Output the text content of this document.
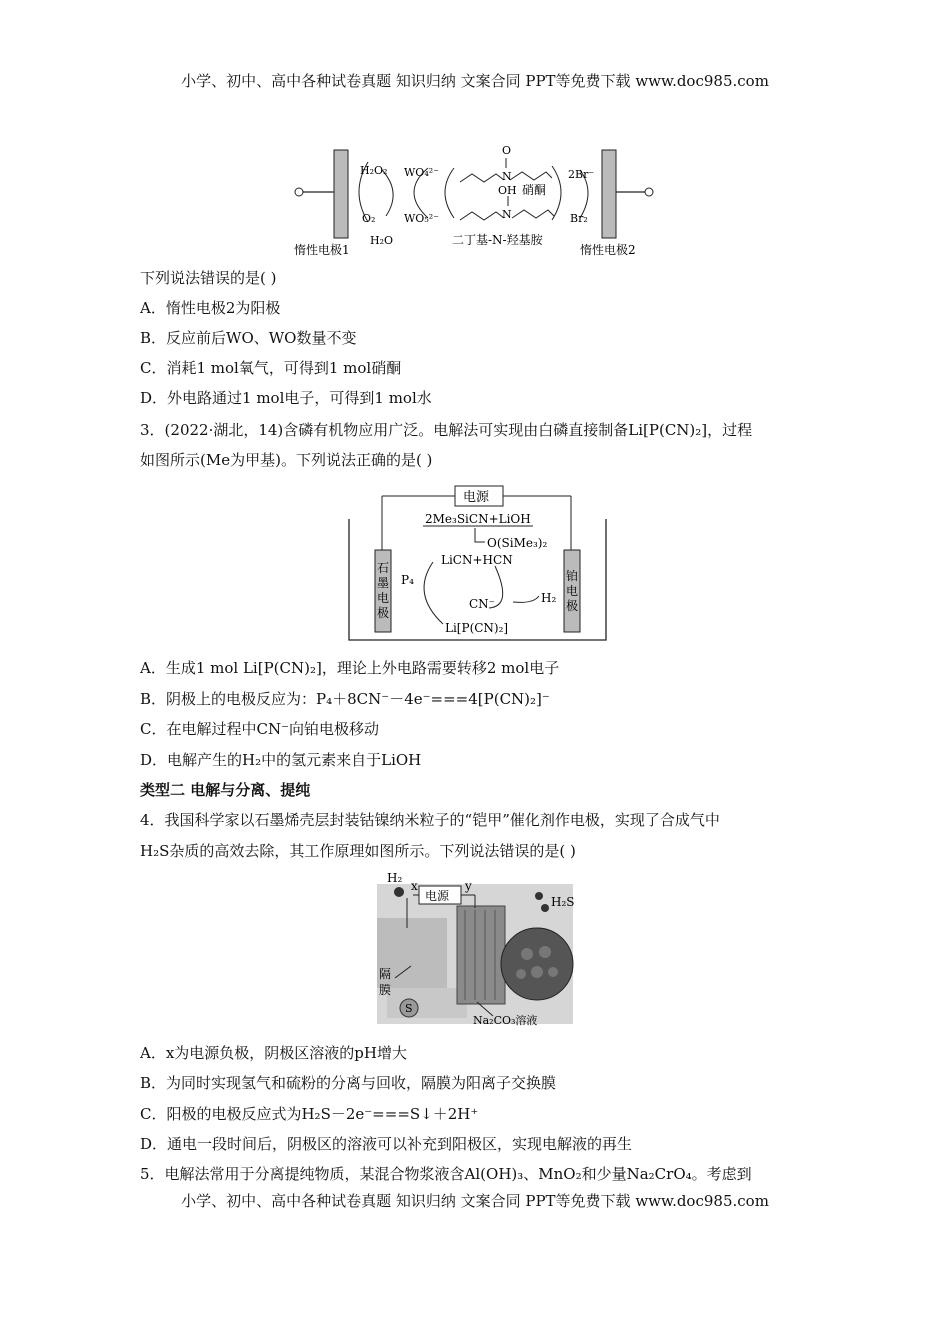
小学、初中、高中各种试卷真题 知识归纳 文案合同 PPT等免费下载 www.doc985.com
H₂O₂
O₂
H₂O
WO₄²⁻
WO₅²⁻
O
N
OH
N
硝酮
2Br⁻
Br₂
二丁基-N-羟基胺
惰性电极1	惰性电极2
下列说法错误的是( )
A．惰性电极2为阳极
B．反应前后WO、WO数量不变
C．消耗1 mol氧气，可得到1 mol硝酮
D．外电路通过1 mol电子，可得到1 mol水
3．(2022·湖北，14)含磷有机物应用广泛。电解法可实现由白磷直接制备Li[P(CN)₂]，过程
如图所示(Me为甲基)。下列说法正确的是( )
电源
石
墨
电
极
铂
电
极
2Me₃SiCN+LiOH
O(SiMe₃)₂
LiCN+HCN
P₄
CN⁻	H₂
Li[P(CN)₂]
A．生成1 mol Li[P(CN)₂]，理论上外电路需要转移2 mol电子
B．阴极上的电极反应为：P₄＋8CN⁻－4e⁻===4[P(CN)₂]⁻
C．在电解过程中CN⁻向铂电极移动
D．电解产生的H₂中的氢元素来自于LiOH
类型二 电解与分离、提纯
4．我国科学家以石墨烯壳层封装钴镍纳米粒子的“铠甲”催化剂作电极，实现了合成气中
H₂S杂质的高效去除，其工作原理如图所示。下列说法错误的是( )
电源
H₂
x	y
H₂S
隔
膜
S
Na₂CO₃溶液
A．x为电源负极，阴极区溶液的pH增大
B．为同时实现氢气和硫粉的分离与回收，隔膜为阳离子交换膜
C．阳极的电极反应式为H₂S－2e⁻===S↓＋2H⁺
D．通电一段时间后，阴极区的溶液可以补充到阳极区，实现电解液的再生
5．电解法常用于分离提纯物质，某混合物浆液含Al(OH)₃、MnO₂和少量Na₂CrO₄。考虑到
小学、初中、高中各种试卷真题 知识归纳 文案合同 PPT等免费下载 www.doc985.com
